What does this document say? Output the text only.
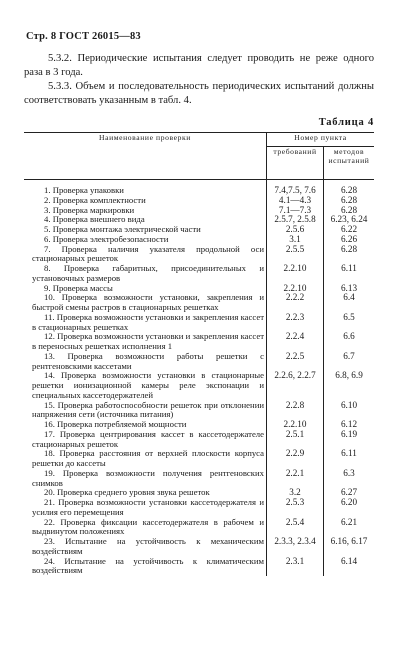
Стр. 8 ГОСТ 26015—83
5.3.2. Периодические испытания следует проводить не реже одного раза в 3 года.
5.3.3. Объем и последовательность периодических испытаний должны соответствовать указанным в табл. 4.
Таблица 4
Наименование проверки	Номер пункта	
	требований	методов испытаний

1. Проверка упаковки	7.4,7.5, 7.6	6.28

2. Проверка комплектности	4.1—4.3	6.28

3. Проверка маркировки	7.1—7.3	6.28

4. Проверка внешнего вида	2.5.7, 2.5.8	6.23, 6.24

5. Проверка монтажа электрической части	2.5.6	6.22

6. Проверка электробезопасности	3.1	6.26

7. Проверка наличия указателя продольной оси стационарных решеток	2.5.5	6.28

8. Проверка габаритных, присоединительных и установочных размеров	2.2.10	6.11

9. Проверка массы	2.2.10	6.13

10. Проверка возможности установки, закрепления и быстрой смены растров в стационарных решетках	2.2.2	6.4

11. Проверка возможности установки и закрепления кассет в стационарных решетках	2.2.3	6.5

12. Проверка возможности установки и закрепления кассет в переносных решетках исполнения 1	2.2.4	6.6

13. Проверка возможности работы решетки с рентгеновскими кассетами	2.2.5	6.7

14. Проверка возможности установки в стационарные решетки ионизационной камеры реле экспонации и специальных кассетодержателей	2.2.6, 2.2.7	6.8, 6.9

15. Проверка работоспособности решеток при отклонении напряжения сети (источника питания)	2.2.8	6.10

16. Проверка потребляемой мощности	2.2.10	6.12

17. Проверка центрирования кассет в кассетодержателе стационарных решеток	2.5.1	6.19

18. Проверка расстояния от верхней плоскости корпуса решетки до кассеты	2.2.9	6.11

19. Проверка возможности получения рентгеновских снимков	2.2.1	6.3

20. Проверка среднего уровня звука решеток	3.2	6.27

21. Проверка возможности установки кассетодержателя и усилия его перемещения	2.5.3	6.20

22. Проверка фиксации кассетодержателя в рабочем и выдвинутом положениях	2.5.4	6.21

23. Испытание на устойчивость к механическим воздействиям	2.3.3, 2.3.4	6.16, 6.17

24. Испытание на устойчивость к климатическим воздействиям	2.3.1	6.14
